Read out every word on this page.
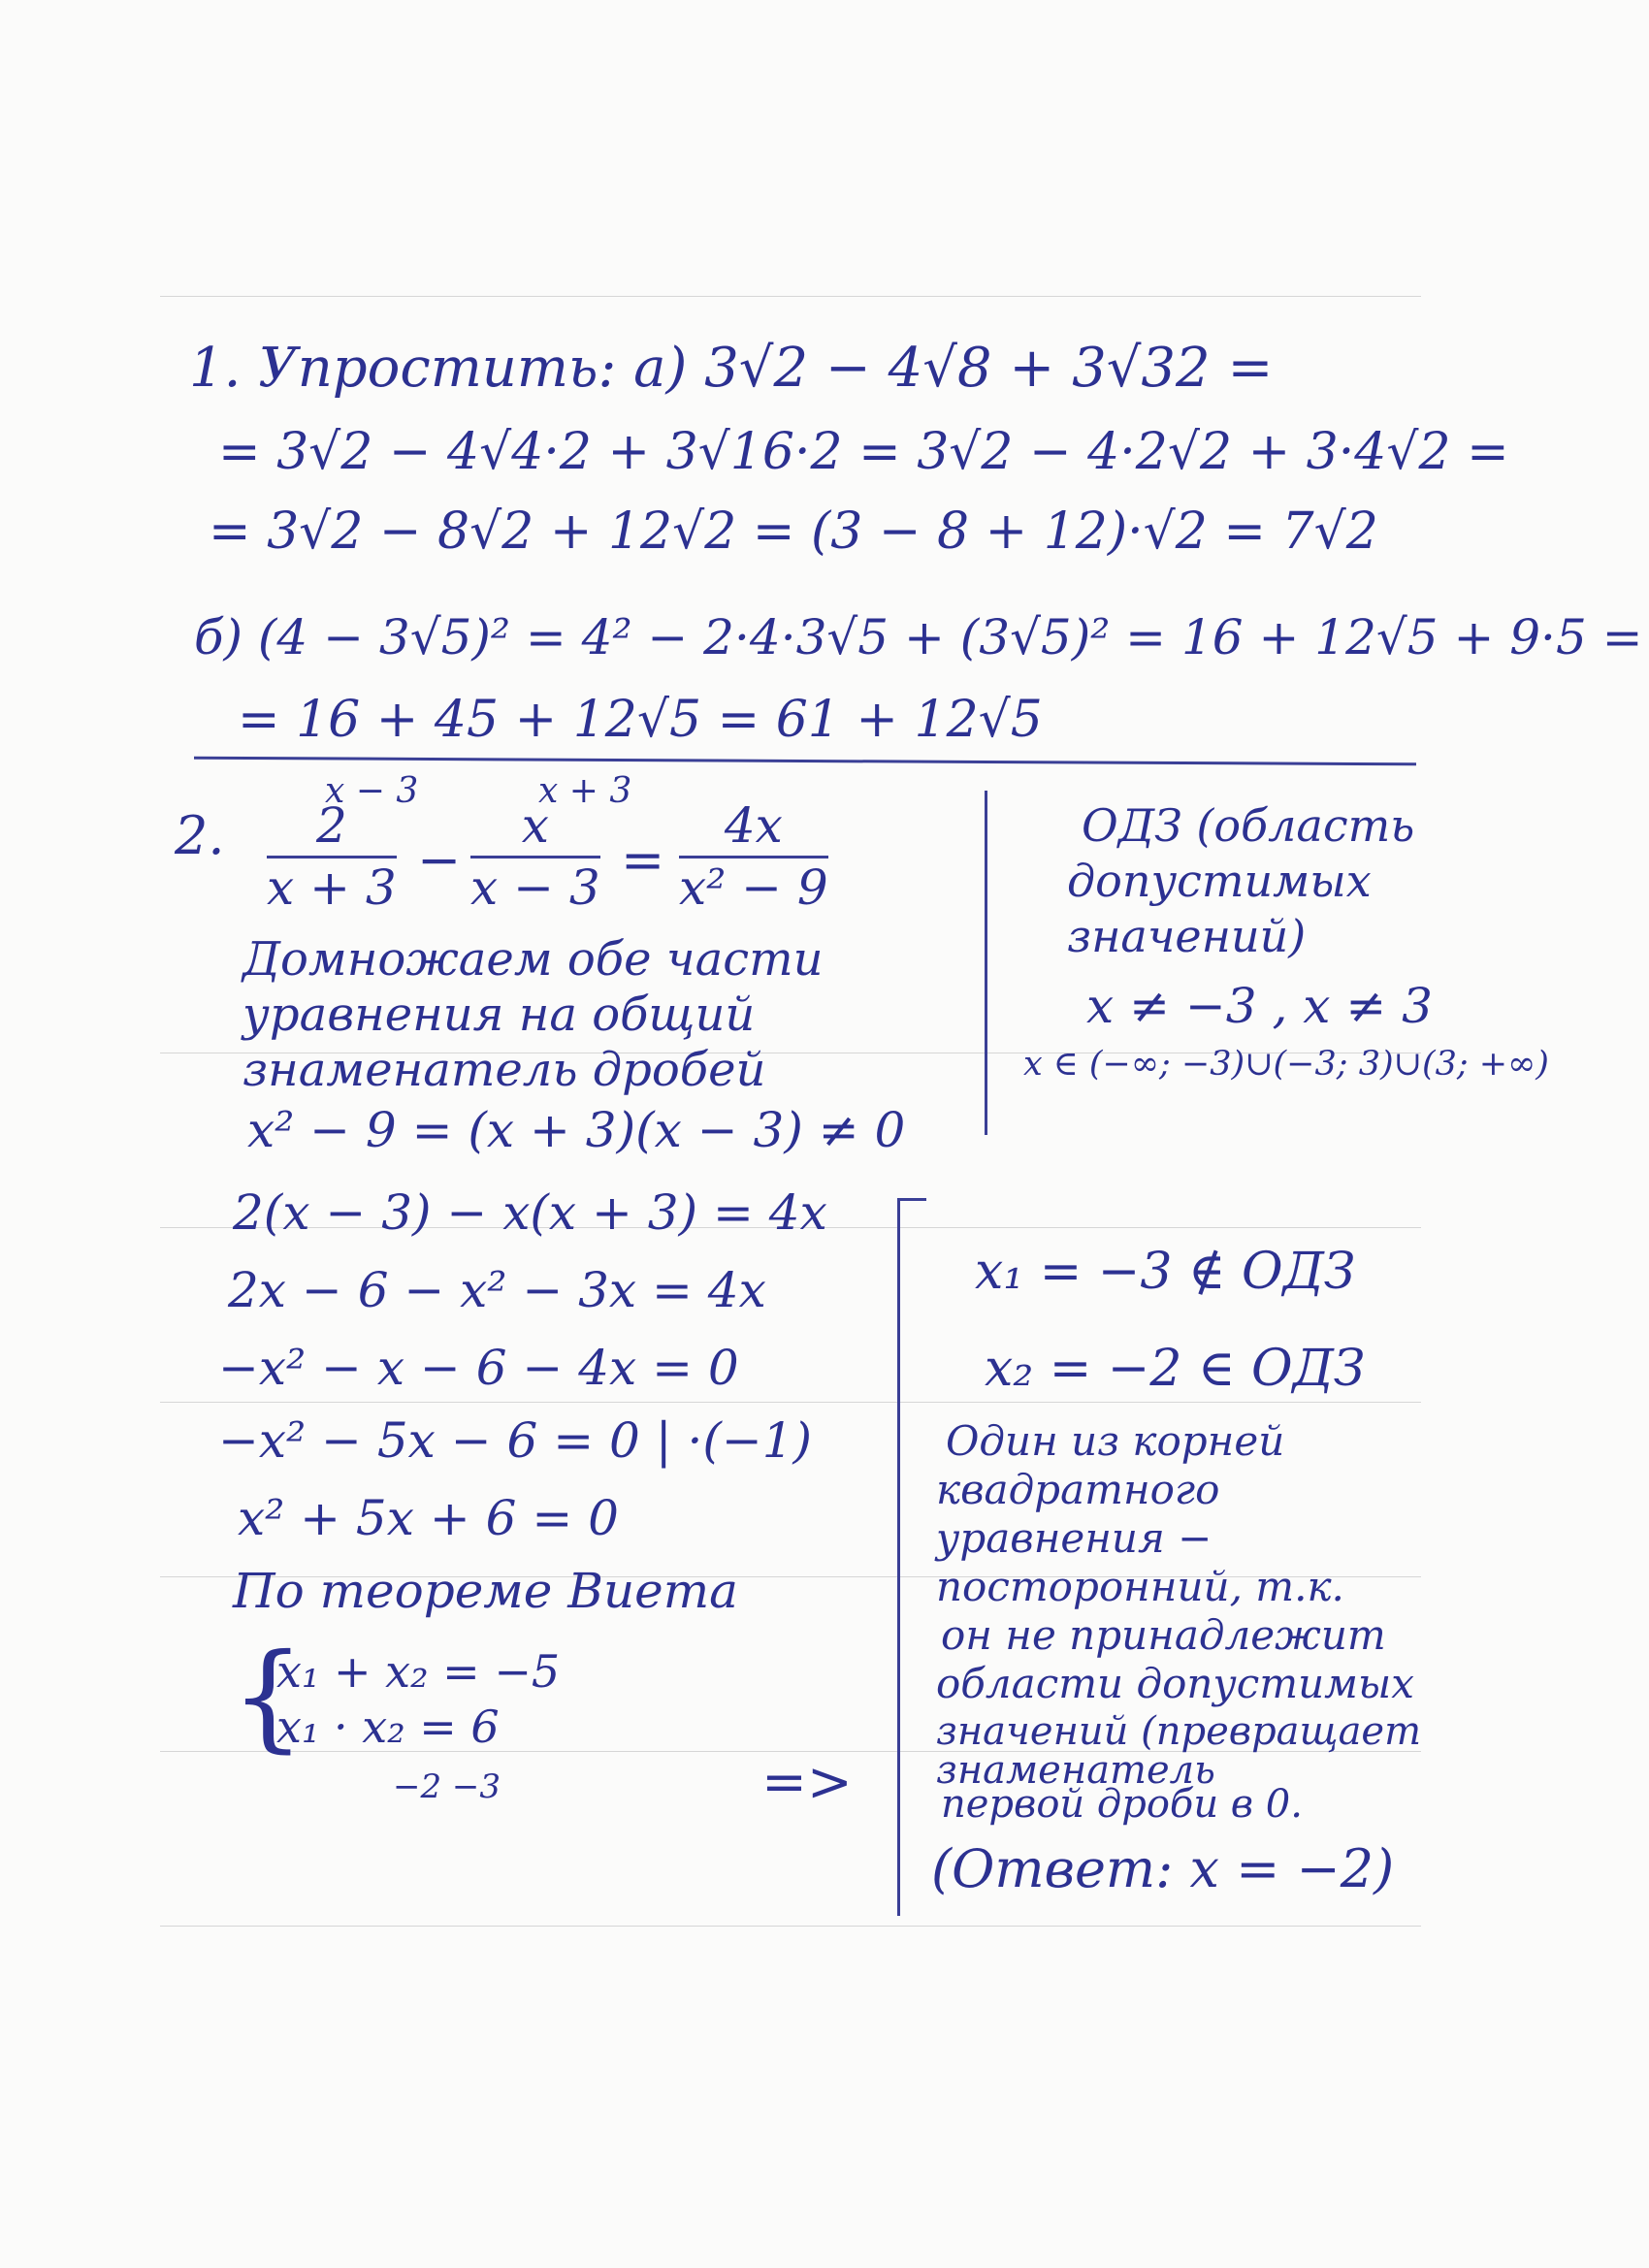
1. Упростить: а) 3√2 − 4√8 + 3√32 =
= 3√2 − 4√4·2 + 3√16·2 = 3√2 − 4·2√2 + 3·4√2 =
= 3√2 − 8√2 + 12√2 = (3 − 8 + 12)·√2 = 7√2
б) (4 − 3√5)² = 4² − 2·4·3√5 + (3√5)² = 16 + 12√5 + 9·5 =
= 16 + 45 + 12√5 = 61 + 12√5
2.
x − 3
2
x + 3 −
x + 3
x
x − 3 =
4x
x² − 9
ОДЗ (область
допустимых
значений)
x ≠ −3 , x ≠ 3
x ∈ (−∞; −3)∪(−3; 3)∪(3; +∞)
Домножаем обе части
уравнения на общий
знаменатель дробей
x² − 9 = (x + 3)(x − 3) ≠ 0
2(x − 3) − x(x + 3) = 4x
2x − 6 − x² − 3x = 4x
−x² − x − 6 − 4x = 0
−x² − 5x − 6 = 0 | ·(−1)
x² + 5x + 6 = 0
По теореме Виета
{
x₁ + x₂ = −5
x₁ · x₂ = 6
−2 −3	=>
x₁ = −3 ∉ ОДЗ
x₂ = −2 ∈ ОДЗ
Один из корней
квадратного
уравнения −
посторонний, т.к.
он не принадлежит
области допустимых
значений (превращает
знаменатель
первой дроби в 0.
(Ответ: x = −2)
